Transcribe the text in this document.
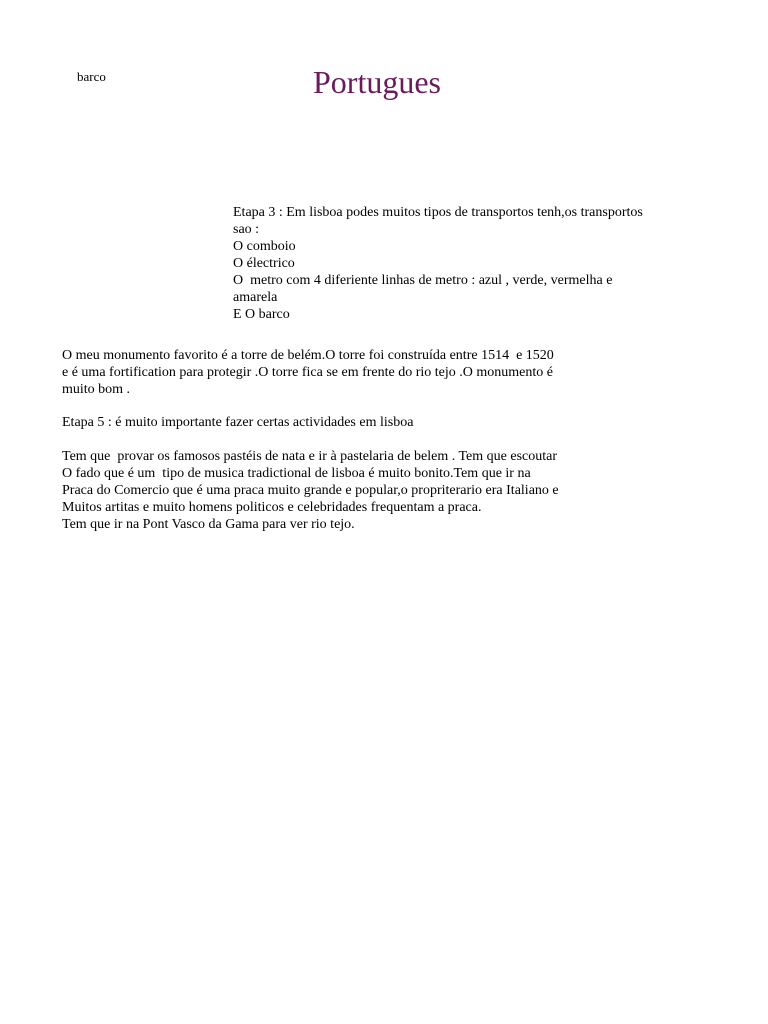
barco	Portugues
Etapa 3 : Em lisboa podes muitos tipos de transportos tenh,os transportos
sao :
O comboio
O électrico
O  metro com 4 diferiente linhas de metro : azul , verde, vermelha e
amarela
E O barco
O meu monumento favorito é a torre de belém.O torre foi construída entre 1514  e 1520
e é uma fortification para protegir .O torre fica se em frente do rio tejo .O monumento é
muito bom .
Etapa 5 : é muito importante fazer certas actividades em lisboa
Tem que  provar os famosos pastéis de nata e ir à pastelaria de belem . Tem que escoutar
O fado que é um  tipo de musica tradictional de lisboa é muito bonito.Tem que ir na
Praca do Comercio que é uma praca muito grande e popular,o propriterario era Italiano e
Muitos artitas e muito homens politicos e celebridades frequentam a praca.
Tem que ir na Pont Vasco da Gama para ver rio tejo.
